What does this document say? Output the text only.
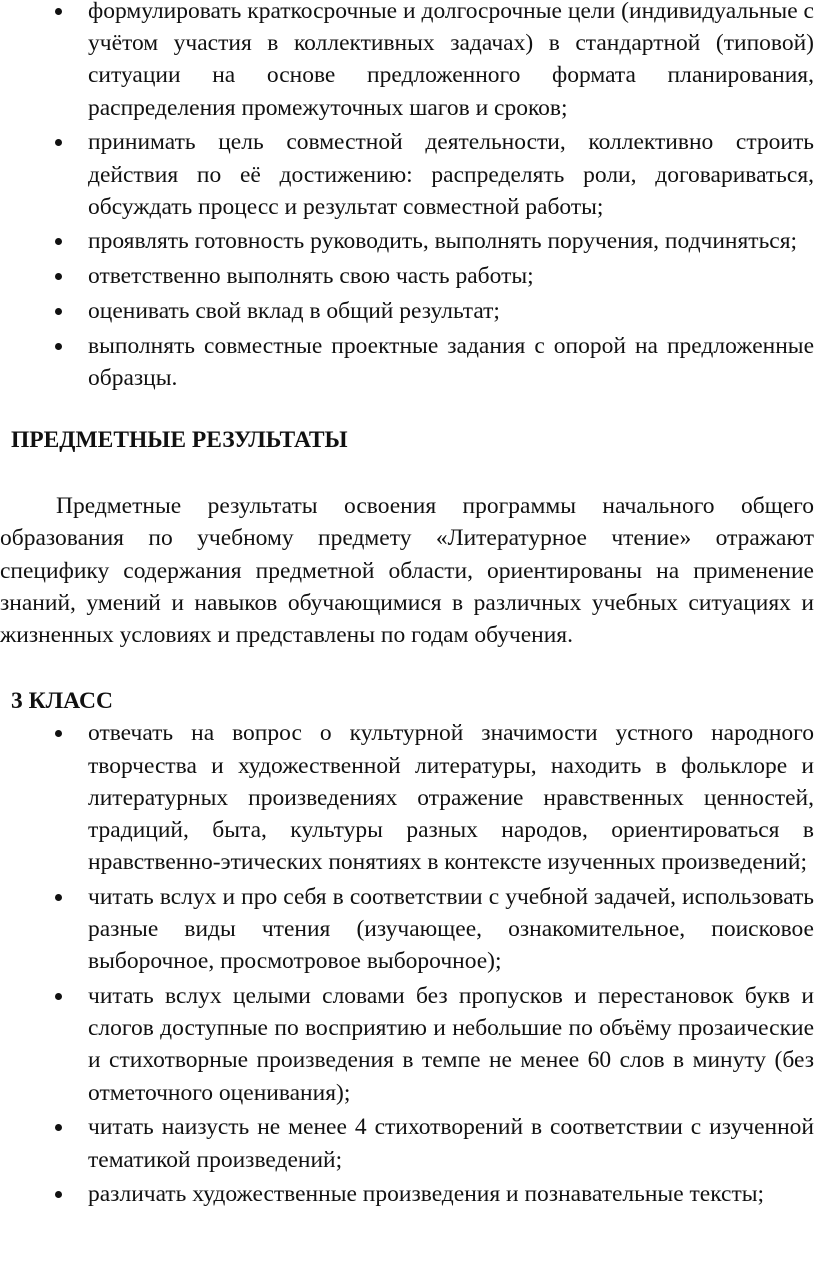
формулировать краткосрочные и долгосрочные цели (индивидуальные с учётом участия в коллективных задачах) в стандартной (типовой) ситуации на основе предложенного формата планирования, распределения промежуточных шагов и сроков;
принимать цель совместной деятельности, коллективно строить действия по её достижению: распределять роли, договариваться, обсуждать процесс и результат совместной работы;
проявлять готовность руководить, выполнять поручения, подчиняться;
ответственно выполнять свою часть работы;
оценивать свой вклад в общий результат;
выполнять совместные проектные задания с опорой на предложенные образцы.

ПРЕДМЕТНЫЕ РЕЗУЛЬТАТЫ

Предметные результаты освоения программы начального общего образования по учебному предмету «Литературное чтение» отражают специфику содержания предметной области, ориентированы на применение знаний, умений и навыков обучающимися в различных учебных ситуациях и жизненных условиях и представлены по годам обучения.

3 КЛАСС

отвечать на вопрос о культурной значимости устного народного творчества и художественной литературы, находить в фольклоре и литературных произведениях отражение нравственных ценностей, традиций, быта, культуры разных народов, ориентироваться в нравственно-этических понятиях в контексте изученных произведений;
читать вслух и про себя в соответствии с учебной задачей, использовать разные виды чтения (изучающее, ознакомительное, поисковое выборочное, просмотровое выборочное);
читать вслух целыми словами без пропусков и перестановок букв и слогов доступные по восприятию и небольшие по объёму прозаические и стихотворные произведения в темпе не менее 60 слов в минуту (без отметочного оценивания);
читать наизусть не менее 4 стихотворений в соответствии с изученной тематикой произведений;
различать художественные произведения и познавательные тексты;
